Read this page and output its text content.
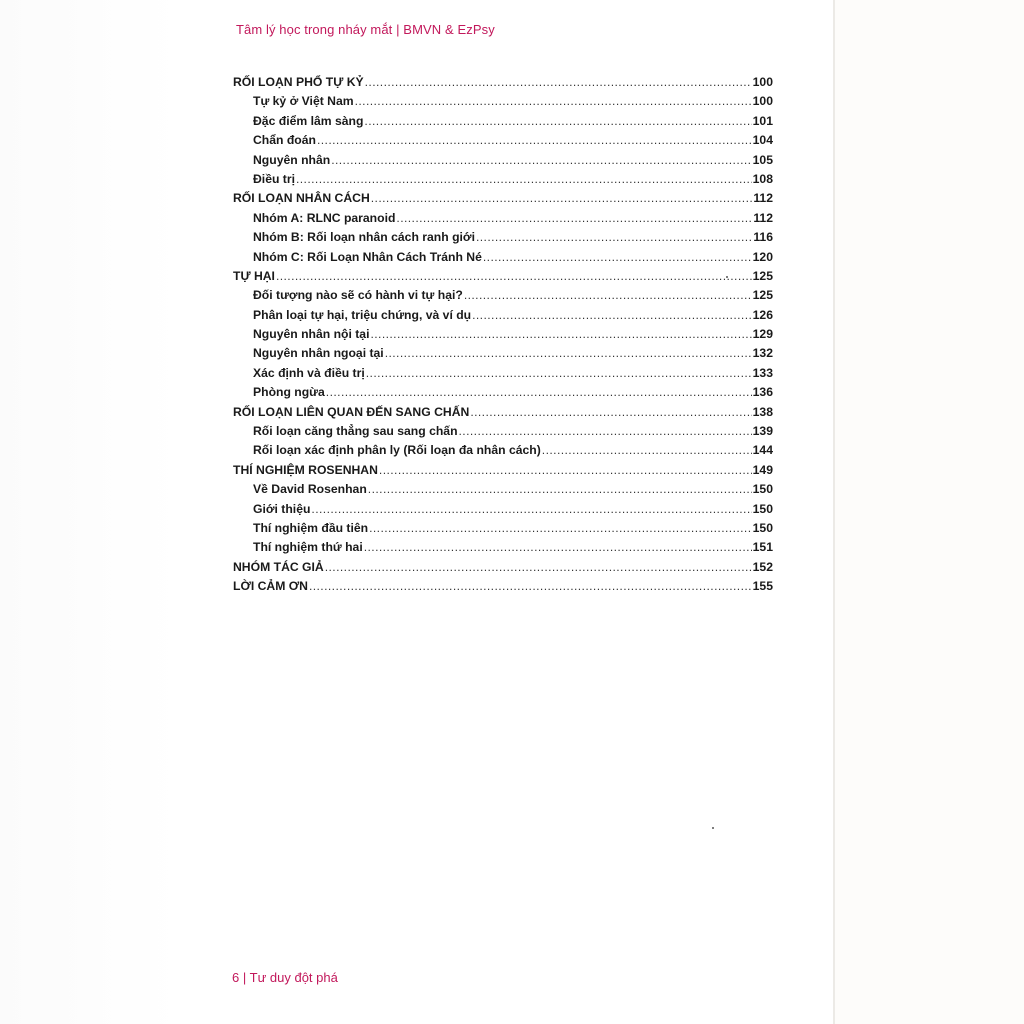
Tâm lý học trong nháy mắt | BMVN & EzPsy
RỐI LOẠN PHỔ TỰ KỶ .....	100
Tự kỷ ở Việt Nam .....	100
Đặc điểm lâm sàng .....	101
Chẩn đoán .....	104
Nguyên nhân .....	105
Điều trị .....	108
RỐI LOẠN NHÂN CÁCH .....	112
Nhóm A: RLNC paranoid .....	112
Nhóm B: Rối loạn nhân cách ranh giới .....	116
Nhóm C: Rối Loạn Nhân Cách Tránh Né .....	120
TỰ HẠI .....	125
Đối tượng nào sẽ có hành vi tự hại? .....	125
Phân loại tự hại, triệu chứng, và ví dụ .....	126
Nguyên nhân nội tại .....	129
Nguyên nhân ngoại tại .....	132
Xác định và điều trị .....	133
Phòng ngừa .....	136
RỐI LOẠN LIÊN QUAN ĐẾN SANG CHẤN .....	138
Rối loạn căng thẳng sau sang chấn .....	139
Rối loạn xác định phân ly (Rối loạn đa nhân cách) .....	144
THÍ NGHIỆM ROSENHAN .....	149
Về David Rosenhan .....	150
Giới thiệu .....	150
Thí nghiệm đầu tiên .....	150
Thí nghiệm thứ hai .....	151
NHÓM TÁC GIẢ .....	152
LỜI CẢM ƠN .....	155
6 | Tư duy đột phá
